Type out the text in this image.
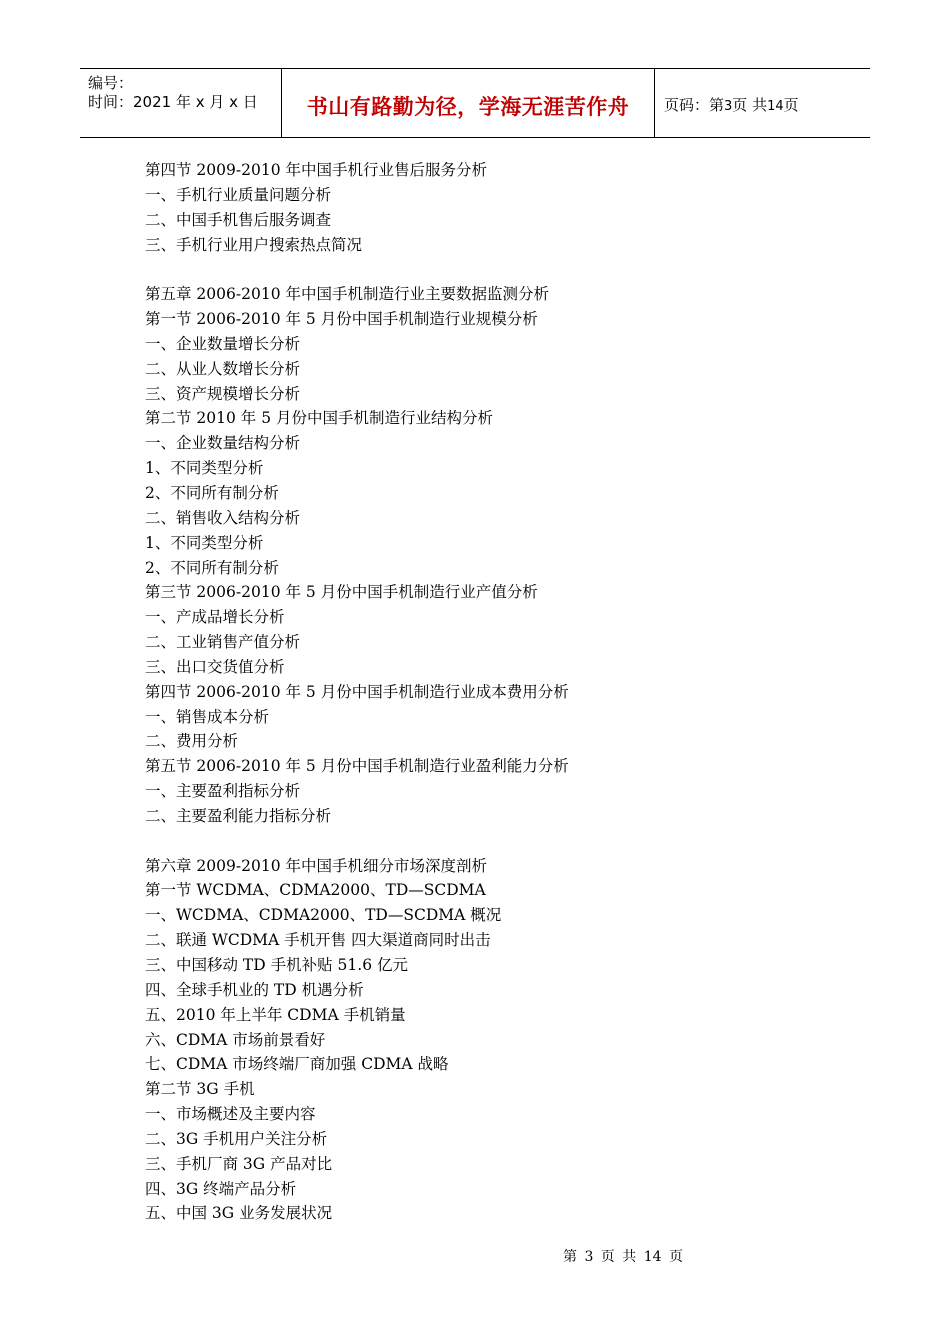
编号：
时间：2021 年 x 月 x 日	书山有路勤为径，学海无涯苦作舟	页码：第3页 共14页
第四节 2009-2010 年中国手机行业售后服务分析
一、手机行业质量问题分析
二、中国手机售后服务调查
三、手机行业用户搜索热点简况
第五章 2006-2010 年中国手机制造行业主要数据监测分析
第一节 2006-2010 年 5 月份中国手机制造行业规模分析
一、企业数量增长分析
二、从业人数增长分析
三、资产规模增长分析
第二节 2010 年 5 月份中国手机制造行业结构分析
一、企业数量结构分析
1、不同类型分析
2、不同所有制分析
二、销售收入结构分析
1、不同类型分析
2、不同所有制分析
第三节 2006-2010 年 5 月份中国手机制造行业产值分析
一、产成品增长分析
二、工业销售产值分析
三、出口交货值分析
第四节 2006-2010 年 5 月份中国手机制造行业成本费用分析
一、销售成本分析
二、费用分析
第五节 2006-2010 年 5 月份中国手机制造行业盈利能力分析
一、主要盈利指标分析
二、主要盈利能力指标分析
第六章 2009-2010 年中国手机细分市场深度剖析
第一节 WCDMA、CDMA2000、TD—SCDMA
一、WCDMA、CDMA2000、TD—SCDMA 概况
二、联通 WCDMA 手机开售 四大渠道商同时出击
三、中国移动 TD 手机补贴 51.6 亿元
四、全球手机业的 TD 机遇分析
五、2010 年上半年 CDMA 手机销量
六、CDMA 市场前景看好
七、CDMA 市场终端厂商加强 CDMA 战略
第二节 3G 手机
一、市场概述及主要内容
二、3G 手机用户关注分析
三、手机厂商 3G 产品对比
四、3G 终端产品分析
五、中国 3G 业务发展状况
第 3 页 共 14 页
